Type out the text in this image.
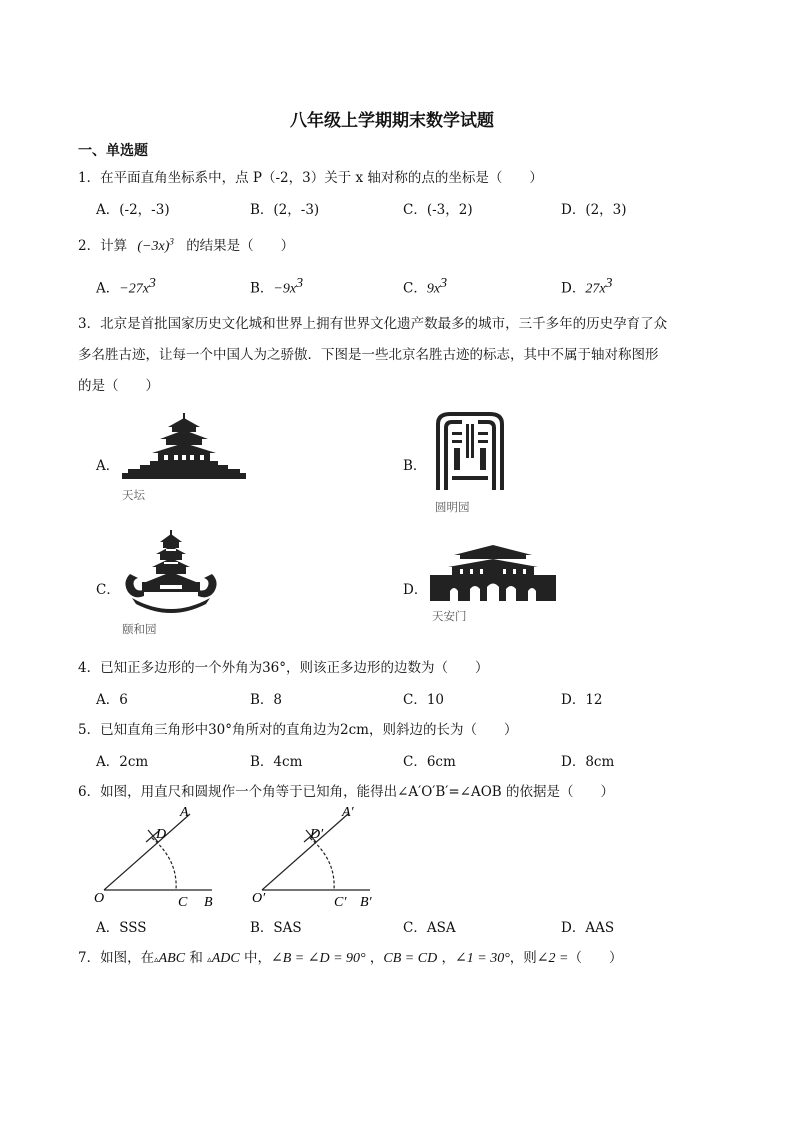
八年级上学期期末数学试题
一、单选题
1．在平面直角坐标系中，点 P（-2，3）关于 x 轴对称的点的坐标是（　　）
A．(-2，-3)	B．(2，-3)	C．(-3，2)	D．(2，3)
2．计算 $(-3x)^3$ 的结果是（　　）
A．$-27x^3$	B．$-9x^3$	C．$9x^3$	D．$27x^3$
3．北京是首批国家历史文化城和世界上拥有世界文化遗产数最多的城市，三千多年的历史孕育了众
多名胜古迹，让每一个中国人为之骄傲．下图是一些北京名胜古迹的标志，其中不属于轴对称图形
的是（　　）
A．
天坛
B．
圆明园
C．
颐和园
D．
天安门
4．已知正多边形的一个外角为36°，则该正多边形的边数为（　　）
A．6	B．8	C．10	D．12
5．已知直角三角形中30°角所对的直角边为2cm，则斜边的长为（　　）
A．2cm	B．4cm	C．6cm	D．8cm
6．如图，用直尺和圆规作一个角等于已知角，能得出∠A′O′B′=∠AOB 的依据是（　　）
O
A
D
C B	O′
A′
D′
C′ B′
A．SSS	B．SAS	C．ASA	D．AAS
7．如图，在▵ABC 和 ▵ADC 中，∠B = ∠D = 90° ，CB = CD ，∠1 = 30°，则∠2 =（　　）
